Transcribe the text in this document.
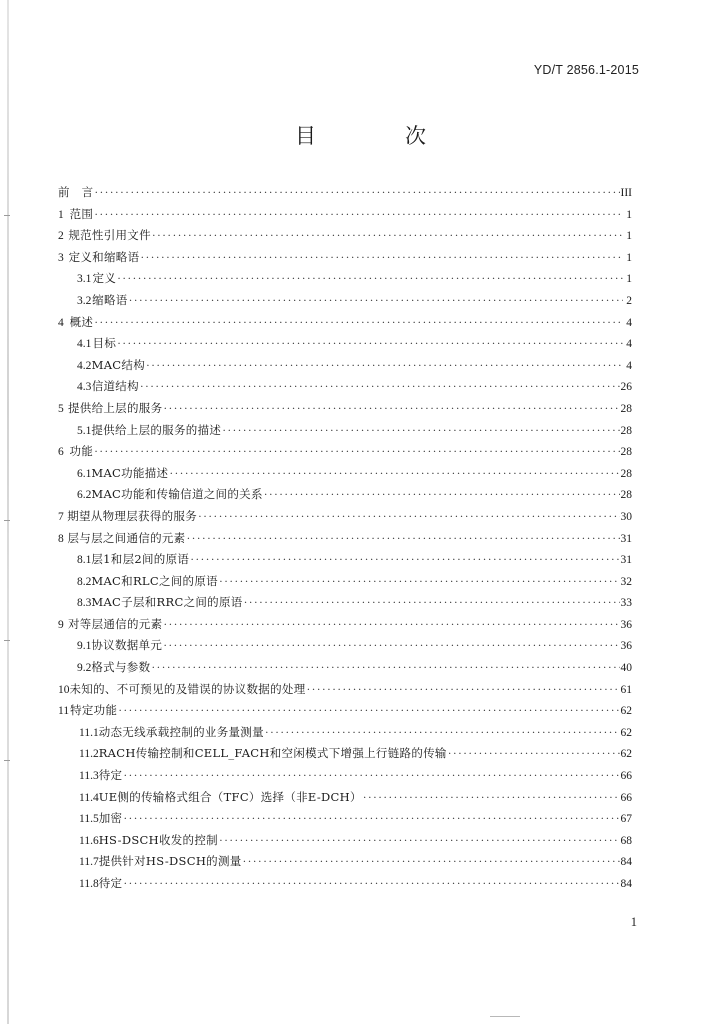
YD/T 2856.1-2015
目　次
前　言 ·····	III
1 范围 ·····	1
2 规范性引用文件 ·····	1
3 定义和缩略语 ·····	1
3.1 定义 ·····	1
3.2 缩略语 ·····	2
4 概述 ·····	4
4.1 目标 ·····	4
4.2 MAC结构 ·····	4
4.3 信道结构 ·····	26
5 提供给上层的服务 ·····	28
5.1 提供给上层的服务的描述 ·····	28
6 功能 ·····	28
6.1 MAC功能描述 ·····	28
6.2 MAC功能和传输信道之间的关系 ·····	28
7 期望从物理层获得的服务 ·····	30
8 层与层之间通信的元素 ·····	31
8.1 层1和层2间的原语 ·····	31
8.2 MAC和RLC之间的原语 ·····	32
8.3 MAC子层和RRC之间的原语 ·····	33
9 对等层通信的元素 ·····	36
9.1 协议数据单元 ·····	36
9.2 格式与参数 ·····	40
10 未知的、不可预见的及错误的协议数据的处理 ·····	61
11 特定功能 ·····	62
11.1 动态无线承载控制的业务量测量 ·····	62
11.2 RACH传输控制和CELL_FACH和空闲模式下增强上行链路的传输 ·····	62
11.3 待定 ·····	66
11.4 UE侧的传输格式组合（TFC）选择（非E-DCH） ·····	66
11.5 加密 ·····	67
11.6 HS-DSCH收发的控制 ·····	68
11.7 提供针对HS-DSCH的测量 ·····	84
11.8 待定 ·····	84
1
